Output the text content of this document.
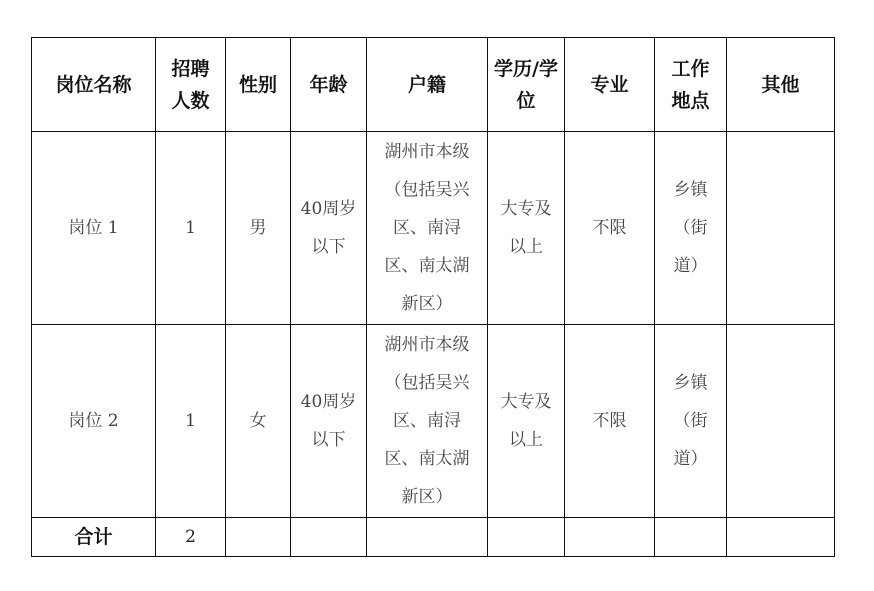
岗位名称	招聘人数	性别	年龄	户籍	学历/学位	专业	工作地点	其他
岗位 1	1	男	40周岁以下	湖州市本级（包括吴兴区、南浔区、南太湖新区）	大专及以上	不限	乡镇（街道）	

岗位 2	1	女	40周岁以下	湖州市本级（包括吴兴区、南浔区、南太湖新区）	大专及以上	不限	乡镇（街道）	

合计	2							
